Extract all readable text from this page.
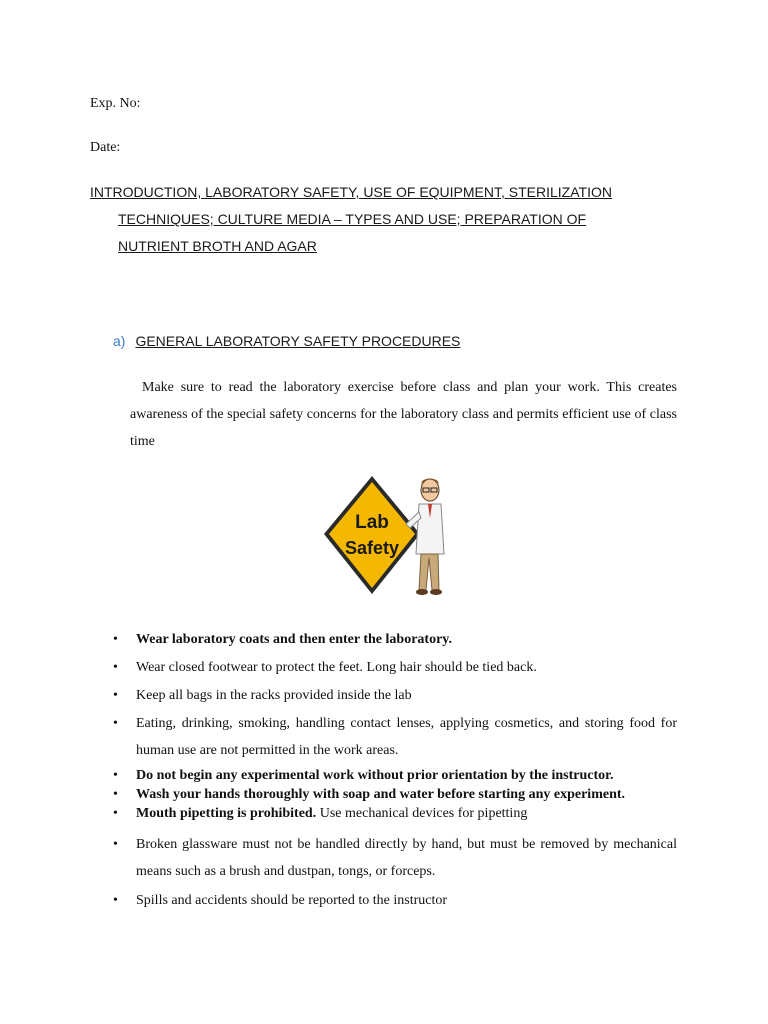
Exp. No:
Date:
INTRODUCTION, LABORATORY SAFETY, USE OF EQUIPMENT, STERILIZATION
TECHNIQUES; CULTURE MEDIA – TYPES AND USE; PREPARATION OF
NUTRIENT BROTH AND AGAR
a) GENERAL LABORATORY SAFETY PROCEDURES
Make sure to read the laboratory exercise before class and plan your work. This creates awareness of the special safety concerns for the laboratory class and permits efficient use of class time
Lab
Safety
•	Wear laboratory coats and then enter the laboratory.
•	Wear closed footwear to protect the feet. Long hair should be tied back.
•	Keep all bags in the racks provided inside the lab
•	Eating, drinking, smoking, handling contact lenses, applying cosmetics, and storing food for human use are not permitted in the work areas.
•	Do not begin any experimental work without prior orientation by the instructor.
•	Wash your hands thoroughly with soap and water before starting any experiment.
•	Mouth pipetting is prohibited. Use mechanical devices for pipetting
•	Broken glassware must not be handled directly by hand, but must be removed by mechanical means such as a brush and dustpan, tongs, or forceps.
•	Spills and accidents should be reported to the instructor
